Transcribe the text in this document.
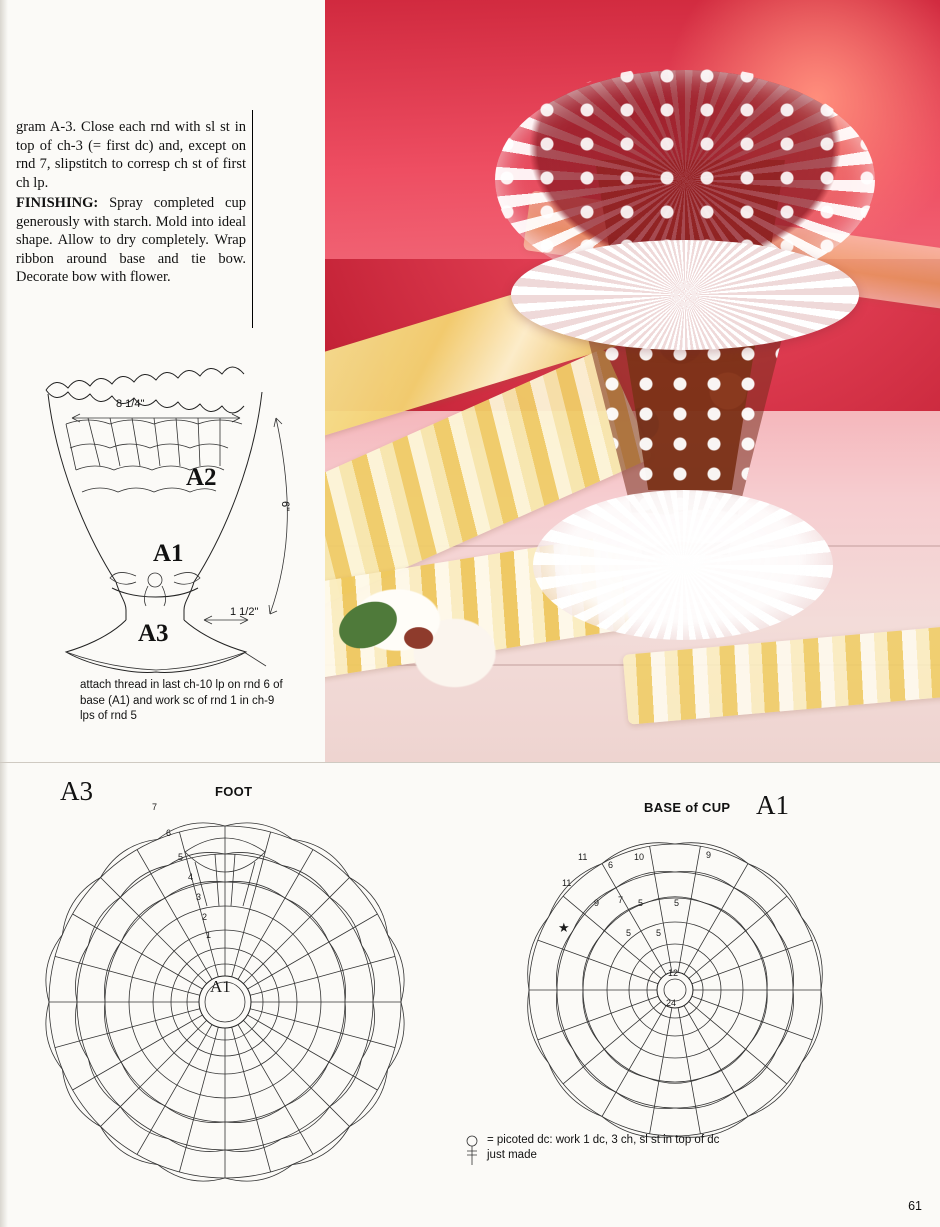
gram A-3. Close each rnd with sl st in top of ch-3 (= first dc) and, except on rnd 7, slipstitch to corresp ch st of first ch lp.

FINISHING: Spray completed cup generously with starch. Mold into ideal shape. Allow to dry completely. Wrap ribbon around base and tie bow. Decorate bow with flower.

8 1/4"
6"
1 1/2"
A2
A1
A3
attach thread in last ch-10 lp on rnd 6 of base (A1) and work sc of rnd 1 in ch-9 lps of rnd 5
A3	FOOT
A1
7
6
5
4
3
2
1
BASE of CUP A1
11
11
10
6
9
7
9	5	5
5	5
12
24
★
= picoted dc: work 1 dc, 3 ch, sl st in top of dc just made
61
